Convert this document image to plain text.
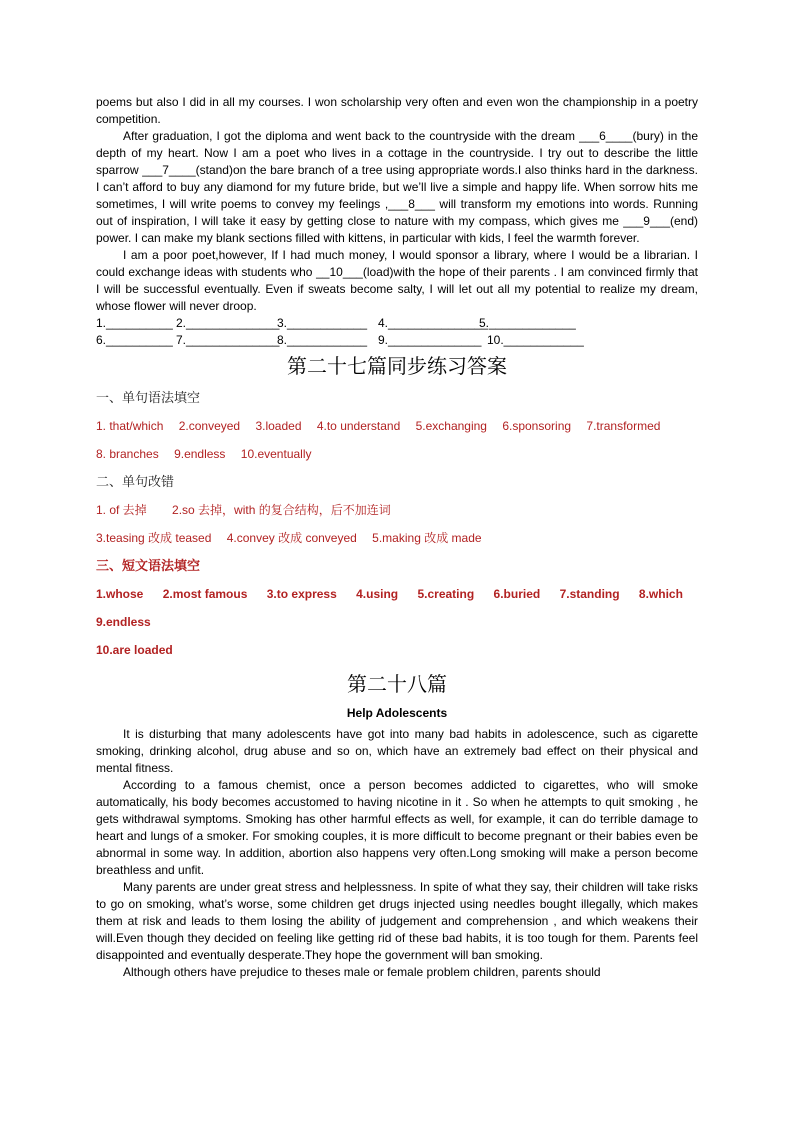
poems but also I did in all my courses. I won scholarship very often and even won the championship in a poetry competition.

After graduation, I got the diploma and went back to the countryside with the dream ___6____(bury) in the depth of my heart. Now I am a poet who lives in a cottage in the countryside. I try out to describe the little sparrow ___7____(stand)on the bare branch of a tree using appropriate words.I also thinks hard in the darkness. I can’t afford to buy any diamond for my future bride, but we’ll live a simple and happy life. When sorrow hits me sometimes, I will write poems to convey my feelings ,___8___ will transform my emotions into words. Running out of inspiration, I will take it easy by getting close to nature with my compass, which gives me ___9___(end) power. I can make my blank sections filled with kittens, in particular with kids, I feel the warmth forever.

I am a poor poet,however, If I had much money, I would sponsor a library, where I would be a librarian. I could exchange ideas with students who __10___(load)with the hope of their parents . I am convinced firmly that I will be successful eventually. Even if sweats become salty, I will let out all my potential to realize my dream, whose flower will never droop.

1.__________ 2.______________3.____________ 4._______________5._____________
6.__________ 7.______________8.____________ 9.______________ 10.____________
第二十七篇同步练习答案
一、单句语法填空
1. that/which 2.conveyed 3.loaded 4.to understand 5.exchanging 6.sponsoring 7.transformed
8. branches 9.endless 10.eventually
二、单句改错
1. of 去掉 2.so 去掉，with 的复合结构，后不加连词
3.teasing 改成 teased 4.convey 改成 conveyed 5.making 改成 made
三、短文语法填空
1.whose 2.most famous 3.to express 4.using 5.creating 6.buried 7.standing 8.which
9.endless
10.are loaded
第二十八篇
Help Adolescents

It is disturbing that many adolescents have got into many bad habits in adolescence, such as cigarette smoking, drinking alcohol, drug abuse and so on, which have an extremely bad effect on their physical and mental fitness.

According to a famous chemist, once a person becomes addicted to cigarettes, who will smoke automatically, his body becomes accustomed to having nicotine in it . So when he attempts to quit smoking , he gets withdrawal symptoms. Smoking has other harmful effects as well, for example, it can do terrible damage to heart and lungs of a smoker. For smoking couples, it is more difficult to become pregnant or their babies even be abnormal in some way. In addition, abortion also happens very often.Long smoking will make a person become breathless and unfit.

Many parents are under great stress and helplessness. In spite of what they say, their children will take risks to go on smoking, what’s worse, some children get drugs injected using needles bought illegally, which makes them at risk and leads to them losing the ability of judgement and comprehension , and which weakens their will.Even though they decided on feeling like getting rid of these bad habits, it is too tough for them. Parents feel disappointed and eventually desperate.They hope the government will ban smoking.

Although others have prejudice to theses male or female problem children, parents should
